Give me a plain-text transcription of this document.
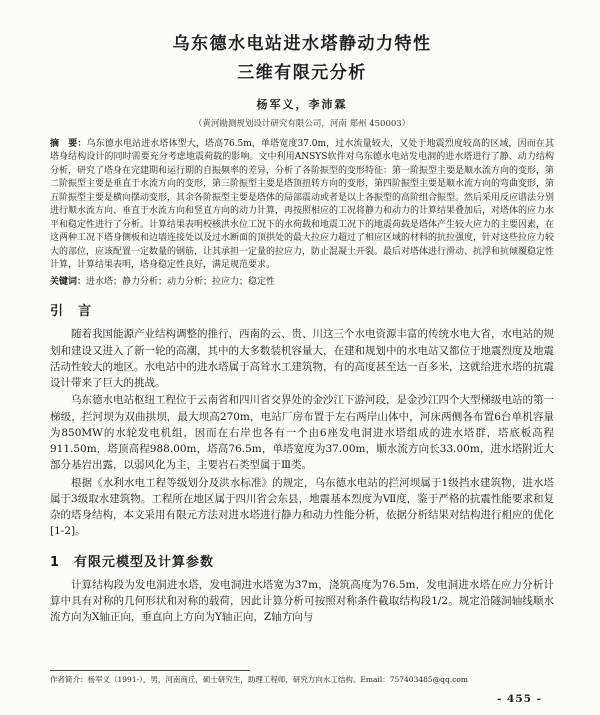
乌东德水电站进水塔静动力特性
三维有限元分析
杨军义，李沛霖
（黄河勘测规划设计研究有限公司，河南 郑州 450003）

摘　要：乌东德水电站进水塔体型大，塔高76.5m，单塔宽度37.0m，过水流量较大，又处于地震烈度较高的区域，因而在其塔身结构设计的同时需要充分考虑地震荷载的影响。文中利用ANSYS软件对乌东德水电站发电洞的进水塔进行了静、动力结构分析，研究了塔身在完建期和运行期的自振频率的差异，分析了各阶振型的变形特征：第一阶振型主要是顺水流方向的变形，第二阶振型主要是垂直于水流方向的变形，第三阶振型主要是塔顶扭转方向的变形，第四阶振型主要是顺水流方向的弯曲变形，第五阶振型主要是横向摆动变形，其余各阶振型主要是塔体的局部震动或者是以上各振型的高阶组合振型。然后采用反应谱法分别进行顺水流方向、垂直于水流方向和竖直方向的动力计算，再按照相应的工况将静力和动力的计算结果叠加后，对塔体的应力水平和稳定性进行了分析。计算结果表明校核洪水位工况下的水荷载和地震工况下的地震荷载是塔体产生较大应力的主要因素，在这两种工况下塔身侧板和边墙连接处以及过水断面的顶拱处的最大拉应力超过了相应区域的材料的抗拉强度，针对这些拉应力较大的部位，应该配置一定数量的钢筋，让其承担一定量的拉应力，防止混凝土开裂。最后对塔体进行滑动、抗浮和抗倾覆稳定性计算，计算结果表明，塔身稳定性良好，满足规范要求。

关键词：进水塔；静力分析；动力分析；拉应力；稳定性

引　言

随着我国能源产业结构调整的推行，西南的云、贵、川这三个水电资源丰富的传统水电大省，水电站的规划和建设又进入了新一轮的高潮，其中的大多数装机容量大，在建和规划中的水电站又都位于地震烈度及地震活动性较大的地区。水电站中的进水塔属于高耸水工建筑物，有的高度甚至达一百多米，这就给进水塔的抗震设计带来了巨大的挑战。

乌东德水电站枢纽工程位于云南省和四川省交界处的金沙江下游河段，是金沙江四个大型梯级电站的第一梯级，拦河坝为双曲拱坝，最大坝高270m，电站厂房布置于左右两岸山体中，河床两侧各布置6台单机容量为850MW的水轮发电机组，因而在右岸也各有一个由6座发电洞进水塔组成的进水塔群，塔底板高程911.50m，塔顶高程988.00m，塔高76.5m，单塔宽度为37.00m，顺水流方向长33.00m，进水塔附近大部分基岩出露，以弱风化为主，主要岩石类型属于Ⅲ类。

根据《水利水电工程等级划分及洪水标准》的规定，乌东德水电站的拦河坝属于1级挡水建筑物，进水塔属于3级取水建筑物。工程所在地区属于四川省会东县，地震基本烈度为Ⅶ度，鉴于严格的抗震性能要求和复杂的塔身结构，本文采用有限元方法对进水塔进行静力和动力性能分析，依据分析结果对结构进行相应的优化[1-2]。

1　有限元模型及计算参数

计算结构段为发电洞进水塔，发电洞进水塔宽为37m，浇筑高度为76.5m，发电洞进水塔在应力分析计算中具有对称的几何形状和对称的载荷，因此计算分析可按照对称条件截取结构段1/2。规定沿隧洞轴线顺水流方向为X轴正向，垂直向上方向为Y轴正向，Z轴方向与

作者简介：杨军义（1991-），男，河南商丘，硕士研究生，助理工程师，研究方向水工结构。Email：757403485@qq.com
- 455 -
